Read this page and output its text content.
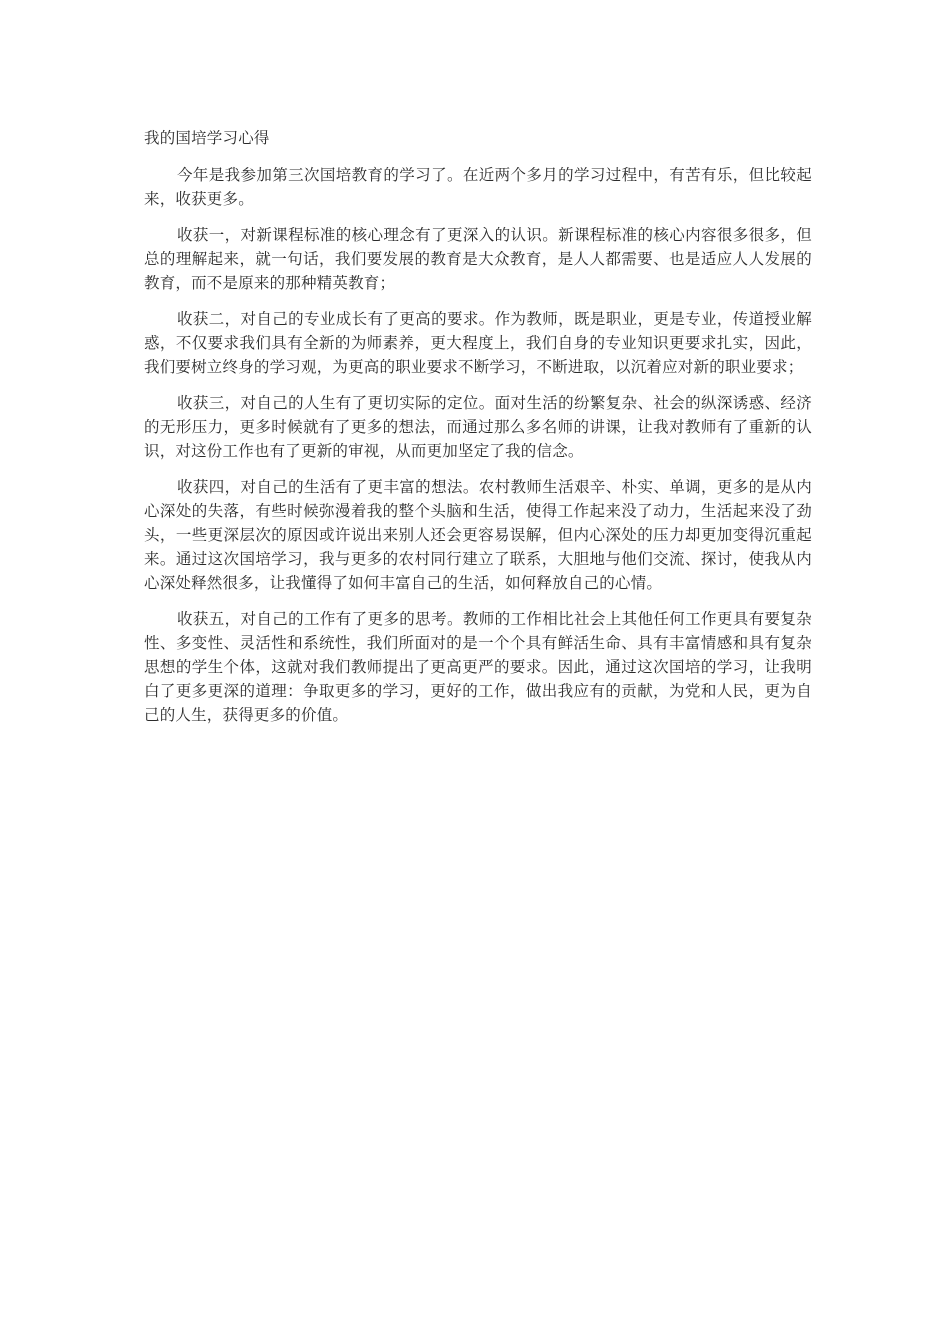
我的国培学习心得

今年是我参加第三次国培教育的学习了。在近两个多月的学习过程中，有苦有乐，但比较起来，收获更多。

收获一，对新课程标准的核心理念有了更深入的认识。新课程标准的核心内容很多很多，但总的理解起来，就一句话，我们要发展的教育是大众教育，是人人都需要、也是适应人人发展的教育，而不是原来的那种精英教育；

收获二，对自己的专业成长有了更高的要求。作为教师，既是职业，更是专业，传道授业解惑，不仅要求我们具有全新的为师素养，更大程度上，我们自身的专业知识更要求扎实，因此，我们要树立终身的学习观，为更高的职业要求不断学习，不断进取，以沉着应对新的职业要求；

收获三，对自己的人生有了更切实际的定位。面对生活的纷繁复杂、社会的纵深诱惑、经济的无形压力，更多时候就有了更多的想法，而通过那么多名师的讲课，让我对教师有了重新的认识，对这份工作也有了更新的审视，从而更加坚定了我的信念。

收获四，对自己的生活有了更丰富的想法。农村教师生活艰辛、朴实、单调，更多的是从内心深处的失落，有些时候弥漫着我的整个头脑和生活，使得工作起来没了动力，生活起来没了劲头，一些更深层次的原因或许说出来别人还会更容易误解，但内心深处的压力却更加变得沉重起来。通过这次国培学习，我与更多的农村同行建立了联系，大胆地与他们交流、探讨，使我从内心深处释然很多，让我懂得了如何丰富自己的生活，如何释放自己的心情。

收获五，对自己的工作有了更多的思考。教师的工作相比社会上其他任何工作更具有要复杂性、多变性、灵活性和系统性，我们所面对的是一个个具有鲜活生命、具有丰富情感和具有复杂思想的学生个体，这就对我们教师提出了更高更严的要求。因此，通过这次国培的学习，让我明白了更多更深的道理：争取更多的学习，更好的工作，做出我应有的贡献，为党和人民，更为自己的人生，获得更多的价值。
